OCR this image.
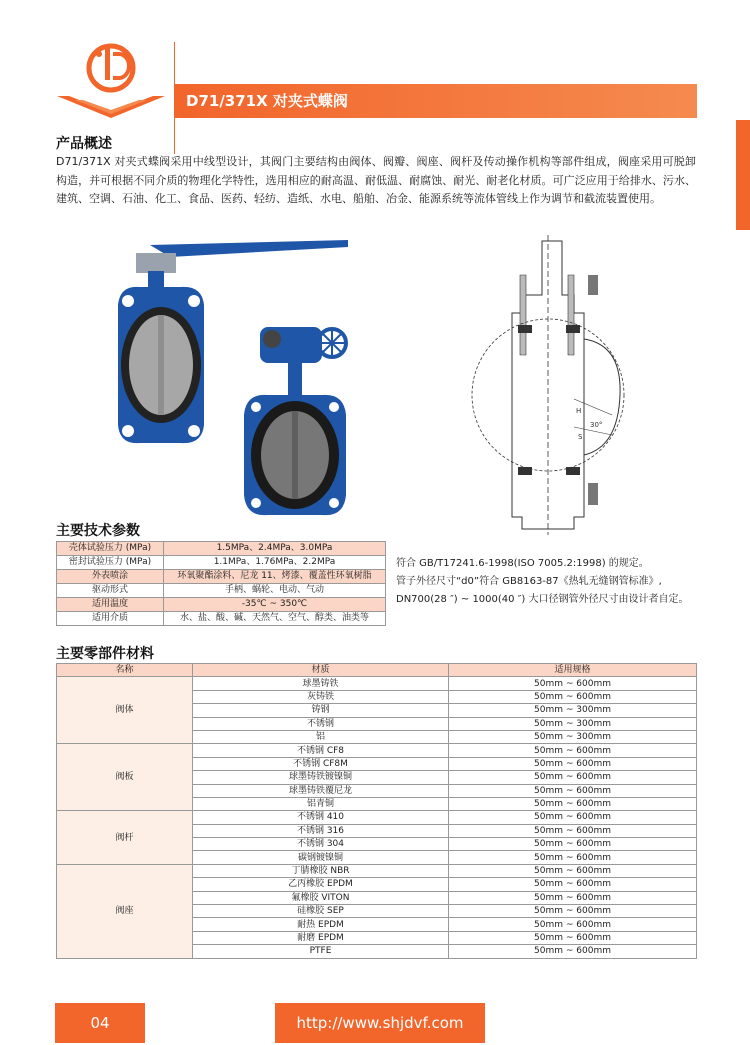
D71/371X 对夹式蝶阀
产品概述
D71/371X 对夹式蝶阀采用中线型设计，其阀门主要结构由阀体、阀瓣、阀座、阀杆及传动操作机构等部件组成，阀座采用可脱卸构造，并可根据不同介质的物理化学特性，选用相应的耐高温、耐低温、耐腐蚀、耐光、耐老化材质。可广泛应用于给排水、污水、建筑、空调、石油、化工、食品、医药、轻纺、造纸、水电、船舶、冶金、能源系统等流体管线上作为调节和截流装置使用。
H
30°
S
主要技术参数
壳体试验压力 (MPa)	1.5MPa、2.4MPa、3.0MPa
密封试验压力 (MPa)	1.1MPa、1.76MPa、2.2MPa
外表喷涂	环氧聚酯涂料、尼龙 11、烤漆、覆盖性环氧树脂
驱动形式	手柄、蜗轮、电动、气动
适用温度	-35℃ ~ 350℃
适用介质	水、盐、酸、碱、天然气、空气、醇类、油类等
符合 GB/T17241.6-1998(ISO 7005.2:1998) 的规定。
管子外径尺寸“d0”符合 GB8163-87《热轧无缝钢管标准》,
DN700(28 ″) ~ 1000(40 ″) 大口径钢管外径尺寸由设计者自定。
主要零部件材料
名称	材质	适用规格
阀体	球墨铸铁	50mm ~ 600mm
	灰铸铁	50mm ~ 600mm
	铸钢	50mm ~ 300mm
	不锈钢	50mm ~ 300mm
	铝	50mm ~ 300mm
阀板	不锈钢 CF8	50mm ~ 600mm
	不锈钢 CF8M	50mm ~ 600mm
	球墨铸铁镀镍铜	50mm ~ 600mm
	球墨铸铁覆尼龙	50mm ~ 600mm
	铝青铜	50mm ~ 600mm
阀杆	不锈钢 410	50mm ~ 600mm
	不锈钢 316	50mm ~ 600mm
	不锈钢 304	50mm ~ 600mm
	碳钢镀镍铜	50mm ~ 600mm
阀座	丁腈橡胶 NBR	50mm ~ 600mm
	乙丙橡胶 EPDM	50mm ~ 600mm
	氟橡胶 VITON	50mm ~ 600mm
	硅橡胶 SEP	50mm ~ 600mm
	耐热 EPDM	50mm ~ 600mm
	耐磨 EPDM	50mm ~ 600mm
	PTFE	50mm ~ 600mm
04	http://www.shjdvf.com
